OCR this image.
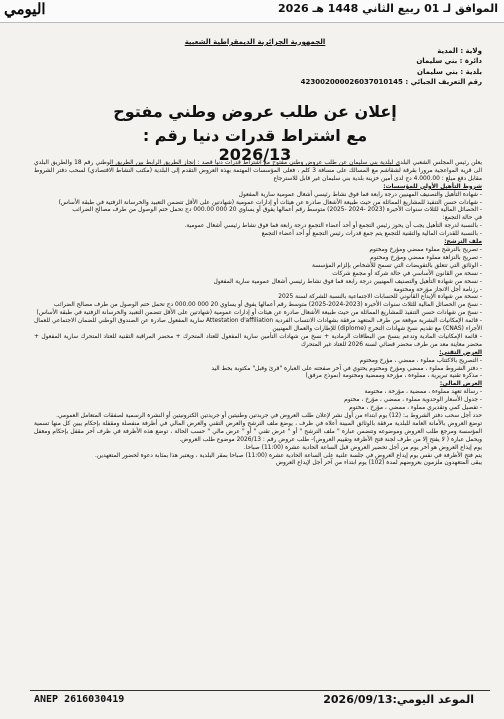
اليومي	2026 الموافق لـ 01 ربيع الثاني 1448 هـ
الجمهورية الجزائرية الديمقراطية الشعبية
ولاية : المدية
دائرة : بني سليمان
بلدية : بني سليمان
رقم التعريف الجبائي : 423002000026037010145
إعلان عن طلب عروض وطني مفتوح
مع اشتراط قدرات دنيا رقم : 2026/13

يعلن رئيس المجلس الشعبي البلدي لبلدية بني سليمان عن طلب عروض وطني مفتوح مع اشتراط قدرات دنيا قصد : إنجاز الطريق الرابط بين الطريق الوطني رقم 18 والطريق البلدي الى قرية المواعجية مرورا بقرقة لشقاشم مع المسالك على مسافة 3 كلم ، فعلى المؤسسات المهتمة بهذه العروض التقدم إلى البلدية (مكتب النشاط الاقتصادي) لسحب دفتر الشروط مقابل دفع مبلغ : 4.000.00 دج لدى أمين خزينة بلدية بني سليمان غير قابل للاسترجاع

شروط التأهيل الأولي للمؤسسات:

- شهادة التأهيل والتصنيف المهنيين درجة رابعة فما فوق نشاط رئيسي أشغال عمومية سارية المفعول

- شهادات حسن التنفيذ للمشاريع المماثلة من حيث طبيعة الأشغال صادرة عن هيئات أو إدارات عمومية (شهادتين على الأقل تتضمن التعبيد والخرسانة الزفتية في طبقة الأساس)

- الحصائل المالية للثلاث سنوات الأخيرة (2023 -2024 -2025) متوسط رقم أعمالها يفوق أو يساوي 20 000 000.00 دج تحمل ختم الوصول من طرف مصالح الضرائب

في حالة التجمع:

- بالنسبة لدرجة التأهيل يجب أن يحوز رئيس التجمع أو أحد أعضاء التجمع درجة رابعة فما فوق نشاط رئيسي أشغال عمومية.

- بالنسبة للقدرات المالية والتقنية للتجمع يتم جمع قدرات رئيس التجمع أو أحد أعضاء التجمع

ملف الترشح:

- تصريح بالترشح مملوء ممضي ومؤرخ ومختوم

- تصريح بالنزاهة مملوء ممضي ومؤرخ ومختوم

- الوثائق التي تتعلق بالتفويضات التي تسمح للأشخاص بإلزام المؤسسة

- نسخة من القانون الأساسي في حالة شركة أو مجمع شركات

- نسخة من شهادة التأهيل والتصنيف المهنيين درجة رابعة فما فوق نشاط رئيسي أشغال عمومية سارية المفعول

- رزنامة أجل الانجاز مؤرخة ومختومة

- نسخة من شهادة الإيداع القانوني للحسابات الاجتماعية بالنسبة للشركة لسنة 2025

- نسخ من الحصائل المالية للثلاث سنوات الأخيرة (2023-2024-2025) متوسط رقم أعمالها يفوق أو يساوي 20 000 000.00 دج تحمل ختم الوصول من طرف مصالح الضرائب

- نسخ من شهادات حسن التنفيذ للمشاريع المماثلة من حيث طبيعة الأشغال صادرة عن هيئات أو إدارات عمومية (شهادتين على الأقل تتضمن التعبيد والخرسانة الزفتية في طبقة الأساس)

- قائمة الإمكانيات البشرية موقعة من طرف المتعهد مرفقة بشهادات الانتساب الفردية Attestation d'affiliation سارية المفعول صادرة عن الصندوق الوطني للضمان الاجتماعي للعمال الأجراء (CNAS) مع تقديم نسخ شهادات التخرج (diplome) للإطارات والعمال المهنيين

- قائمة الإمكانيات المادية وتدعم بنسخ من البطاقات الرمادية + نسخ من شهادات التأمين سارية المفعول للعتاد المتحرك + محضر المراقبة التقنية للعتاد المتحرك سارية المفعول + محضر معاينة معد من طرف محضر قضائي لسنة 2026 للعتاد غير المتحرك

العرض التقني:

- التصريح بالاكتتاب مملوء ، ممضي ، مؤرخ ومختوم

- دفتر الشروط مملوء ، ممضي ومؤرخ ومختوم يحتوي في آخر صفحته على العبارة "قرئ وقبل" مكتوبة بخط اليد

- مذكرة تقنية تبريرية ، مملوءة ، مؤرخة وممضية ومختومة (نموذج مرفق)

العرض المالي:

- رسالة تعهد مملوءة ، ممضية ، مؤرخة ، مختومة

- جدول الأسعار الوحدوية مملوء ، ممضي ، مؤرخ ، مختوم

- تفصيل كمي وتقديري مملوء ، ممضي ، مؤرخ ، مختوم

حدد أجل سحب دفتر الشروط بـ: (12) يوم ابتداء من أول نشر لإعلان طلب العروض في جريدتين وطنيتين أو جريدتين الكترونيتين أو النشرة الرسمية لصفقات المتعامل العمومي.

توضع العروض بالأمانة العامة للبلدية مرفقة بالوثائق المبينة أعلاه في ظرف ، يوضع ملف الترشح والعرض التقني والعرض المالي في أظرفة منفصلة ومقفلة بإحكام يبين كل منها تسمية المؤسسة ومرجع طلب العروض وموضوعه وتتضمن عبارة " ملف الترشح " أو " عرض تقني " أو " عرض مالي " حسب الحالة ، توضع هذه الأظرفة في ظرف آخر مقفل بإحكام ومغفل ويحمل عبارة ( لا يفتح إلا من طرف لجنة فتح الأظرفة وتقييم العروض)- طلب عروض رقم : 2026/13 موضوع طلب العروض.

يوم إيداع العروض هو آخر يوم من أجل تحضير العروض قبل الساعة الحادية عشرة (11:00) صباحا.

يتم فتح الأظرفة في نفس يوم إيداع العروض في جلسة علنية على الساعة الحادية عشرة (11:00) صباحا بمقر البلدية ، ويعتبر هذا بمثابة دعوة لحضور المتعهدين.

يبقى المتعهدون ملزمون بعروضهم لمدة (102) يوم ابتداء من آخر أجل لإيداع العروض

ANEP 2616030419	الموعد اليومي:2026/09/13
